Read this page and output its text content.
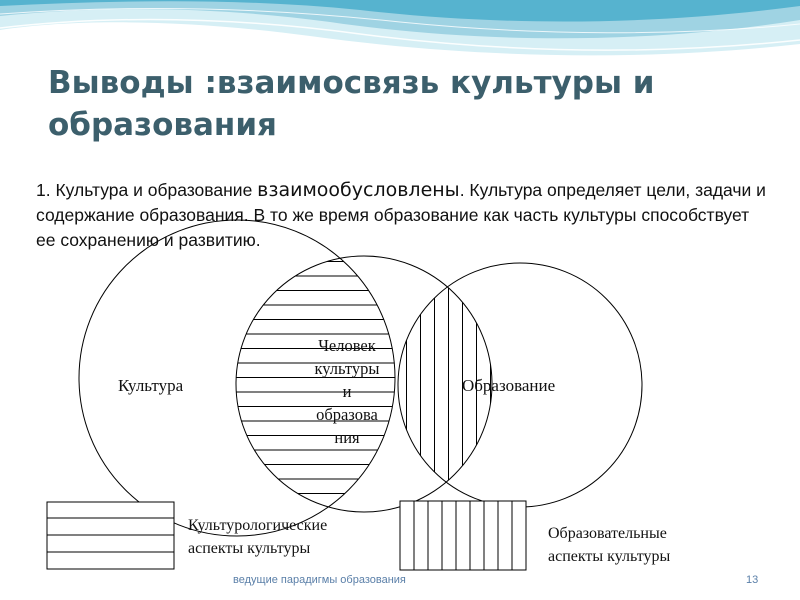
Выводы :взаимосвязь культуры и образования
1. Культура и образование взаимообусловлены. Культура определяет цели, задачи и содержание образования. В то же время образование как часть культуры способствует ее сохранению и развитию.
Культура
Человек
культуры
и
образова
ния
Образование
Культурологические
аспекты культуры
Образовательные
аспекты культуры
ведущие парадигмы образования	13
